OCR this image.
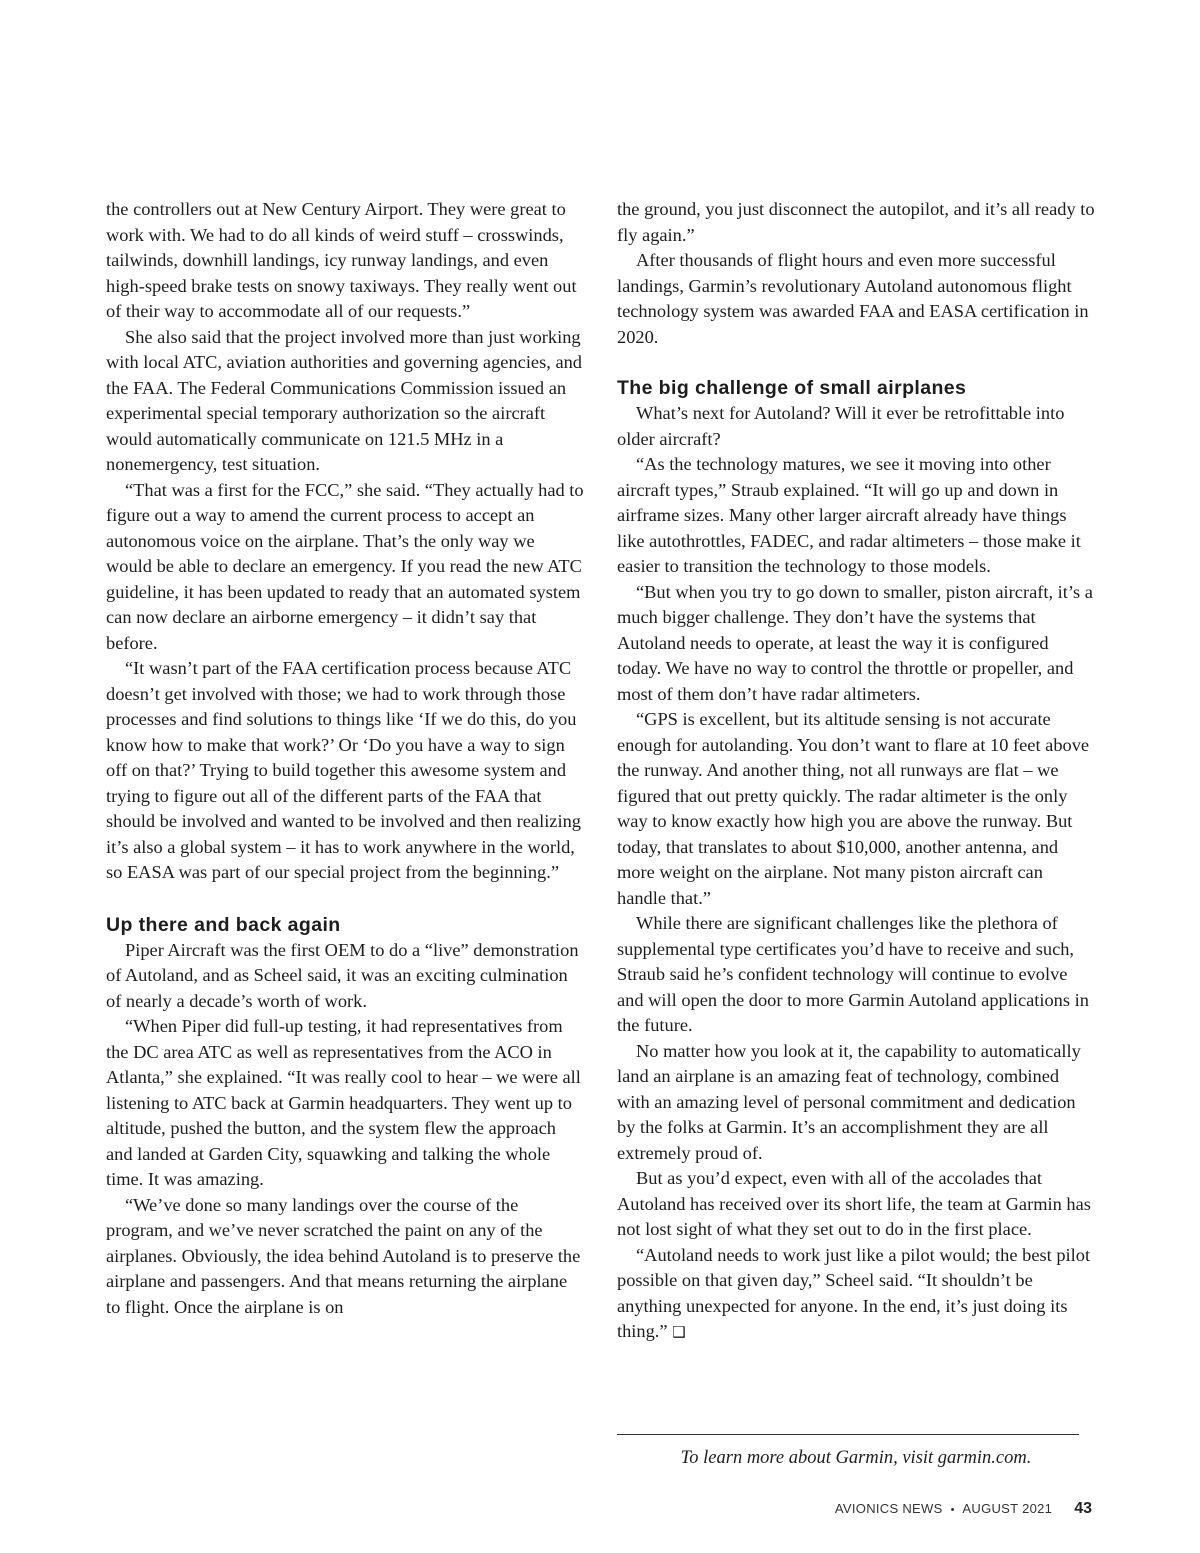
the controllers out at New Century Airport. They were great to work with. We had to do all kinds of weird stuff – crosswinds, tailwinds, downhill landings, icy runway landings, and even high-speed brake tests on snowy taxiways. They really went out of their way to accommodate all of our requests.”

She also said that the project involved more than just working with local ATC, aviation authorities and governing agencies, and the FAA. The Federal Communications Commission issued an experimental special temporary authorization so the aircraft would automatically communicate on 121.5 MHz in a nonemergency, test situation.

“That was a first for the FCC,” she said. “They actually had to figure out a way to amend the current process to accept an autonomous voice on the airplane. That’s the only way we would be able to declare an emergency. If you read the new ATC guideline, it has been updated to ready that an automated system can now declare an airborne emergency – it didn’t say that before.

“It wasn’t part of the FAA certification process because ATC doesn’t get involved with those; we had to work through those processes and find solutions to things like ‘If we do this, do you know how to make that work?’ Or ‘Do you have a way to sign off on that?’ Trying to build together this awesome system and trying to figure out all of the different parts of the FAA that should be involved and wanted to be involved and then realizing it’s also a global system – it has to work anywhere in the world, so EASA was part of our special project from the beginning.”

Up there and back again

Piper Aircraft was the first OEM to do a “live” demonstration of Autoland, and as Scheel said, it was an exciting culmination of nearly a decade’s worth of work.

“When Piper did full-up testing, it had representatives from the DC area ATC as well as representatives from the ACO in Atlanta,” she explained. “It was really cool to hear – we were all listening to ATC back at Garmin headquarters. They went up to altitude, pushed the button, and the system flew the approach and landed at Garden City, squawking and talking the whole time. It was amazing.

“We’ve done so many landings over the course of the program, and we’ve never scratched the paint on any of the airplanes. Obviously, the idea behind Autoland is to preserve the airplane and passengers. And that means returning the airplane to flight. Once the airplane is on

the ground, you just disconnect the autopilot, and it’s all ready to fly again.”

After thousands of flight hours and even more successful landings, Garmin’s revolutionary Autoland autonomous flight technology system was awarded FAA and EASA certification in 2020.

The big challenge of small airplanes

What’s next for Autoland? Will it ever be retrofittable into older aircraft?

“As the technology matures, we see it moving into other aircraft types,” Straub explained. “It will go up and down in airframe sizes. Many other larger aircraft already have things like autothrottles, FADEC, and radar altimeters – those make it easier to transition the technology to those models.

“But when you try to go down to smaller, piston aircraft, it’s a much bigger challenge. They don’t have the systems that Autoland needs to operate, at least the way it is configured today. We have no way to control the throttle or propeller, and most of them don’t have radar altimeters.

“GPS is excellent, but its altitude sensing is not accurate enough for autolanding. You don’t want to flare at 10 feet above the runway. And another thing, not all runways are flat – we figured that out pretty quickly. The radar altimeter is the only way to know exactly how high you are above the runway. But today, that translates to about $10,000, another antenna, and more weight on the airplane. Not many piston aircraft can handle that.”

While there are significant challenges like the plethora of supplemental type certificates you’d have to receive and such, Straub said he’s confident technology will continue to evolve and will open the door to more Garmin Autoland applications in the future.

No matter how you look at it, the capability to automatically land an airplane is an amazing feat of technology, combined with an amazing level of personal commitment and dedication by the folks at Garmin. It’s an accomplishment they are all extremely proud of.

But as you’d expect, even with all of the accolades that Autoland has received over its short life, the team at Garmin has not lost sight of what they set out to do in the first place.

“Autoland needs to work just like a pilot would; the best pilot possible on that given day,” Scheel said. “It shouldn’t be anything unexpected for anyone. In the end, it’s just doing its thing.” ❑

To learn more about Garmin, visit garmin.com.
AVIONICS NEWS • AUGUST 2021 43
